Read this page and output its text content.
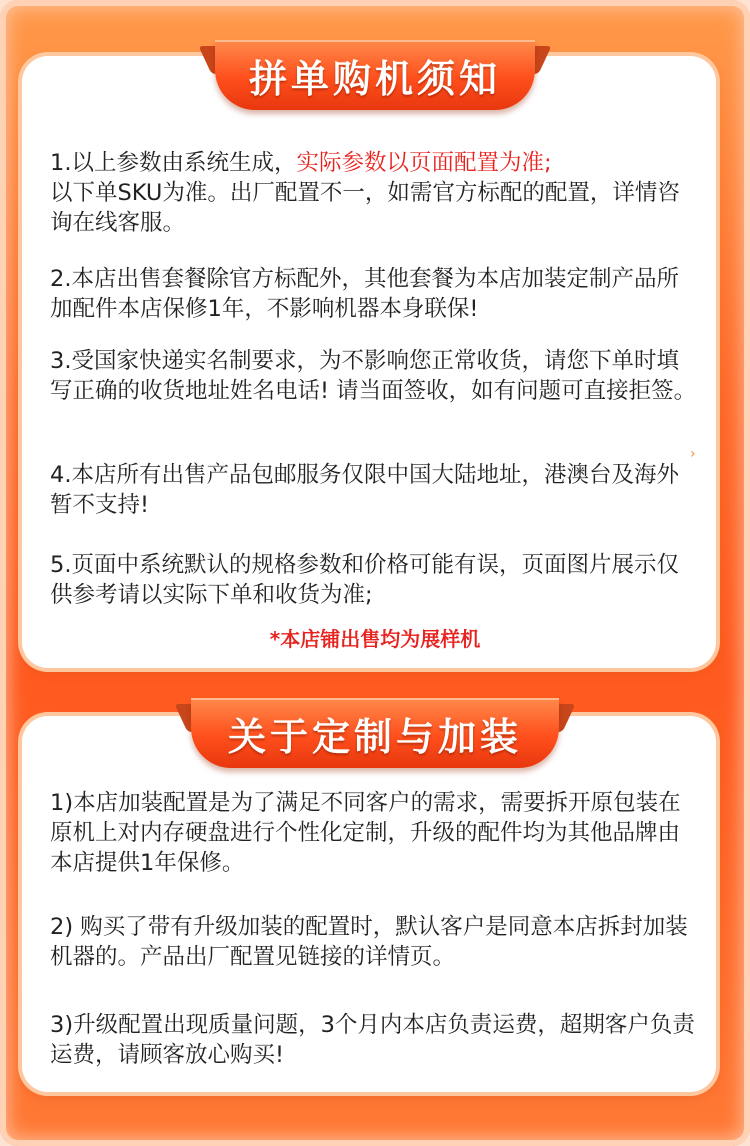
拼单购机须知

1.以上参数由系统生成，实际参数以页面配置为准;
以下单SKU为准。出厂配置不一，如需官方标配的配置，详情咨询在线客服。

2.本店出售套餐除官方标配外，其他套餐为本店加装定制产品所加配件本店保修1年，不影响机器本身联保!

3.受国家快递实名制要求，为不影响您正常收货，请您下单时填写正确的收货地址姓名电话! 请当面签收，如有问题可直接拒签。

4.本店所有出售产品包邮服务仅限中国大陆地址，港澳台及海外暂不支持!

5.页面中系统默认的规格参数和价格可能有误，页面图片展示仅供参考请以实际下单和收货为准;

*本店铺出售均为展样机
›
关于定制与加装

1)本店加装配置是为了满足不同客户的需求，需要拆开原包装在原机上对内存硬盘进行个性化定制，升级的配件均为其他品牌由本店提供1年保修。

2) 购买了带有升级加装的配置时，默认客户是同意本店拆封加装机器的。产品出厂配置见链接的详情页。

3)升级配置出现质量问题，3个月内本店负责运费，超期客户负责运费，请顾客放心购买!
